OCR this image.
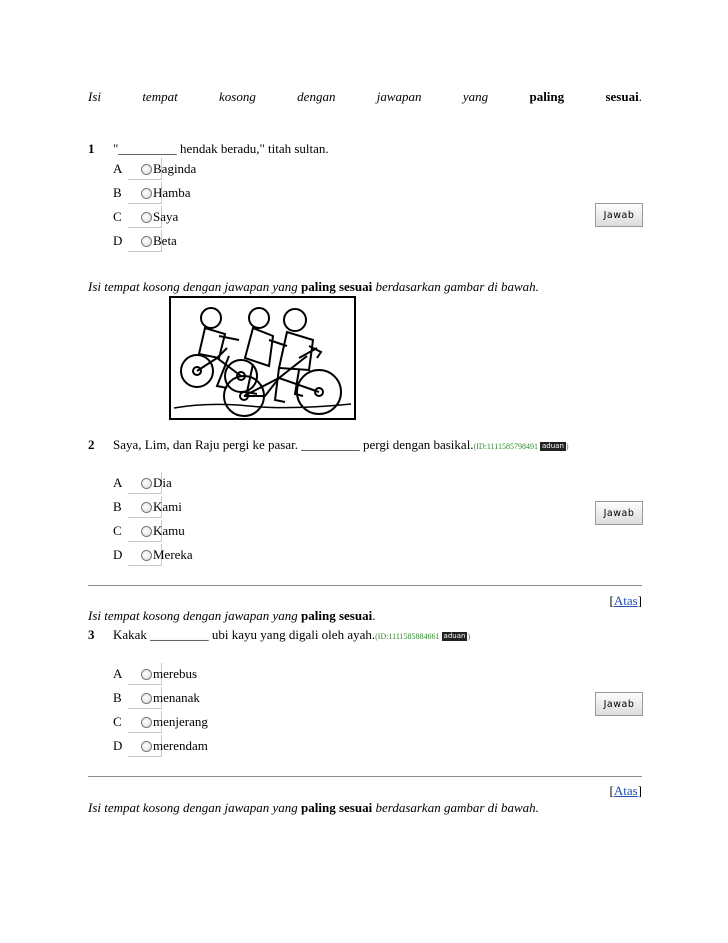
Isi	tempat	kosong	dengan	jawapan	yang	paling	sesuai.
1 "_________ hendak beradu," titah sultan.
A Baginda
B Hamba
C Saya
D Beta
Jawab
Isi tempat kosong dengan jawapan yang paling sesuai berdasarkan gambar di bawah.
2 Saya, Lim, dan Raju pergi ke pasar. _________ pergi dengan basikal.(ID:1111585798491 aduan )
A Dia
B Kami
C Kamu
D Mereka
Jawab
[Atas]
Isi tempat kosong dengan jawapan yang paling sesuai.
3 Kakak _________ ubi kayu yang digali oleh ayah.(ID:1111585884661 aduan )
A merebus
B menanak
C menjerang
D merendam
Jawab
[Atas]
Isi tempat kosong dengan jawapan yang paling sesuai berdasarkan gambar di bawah.
